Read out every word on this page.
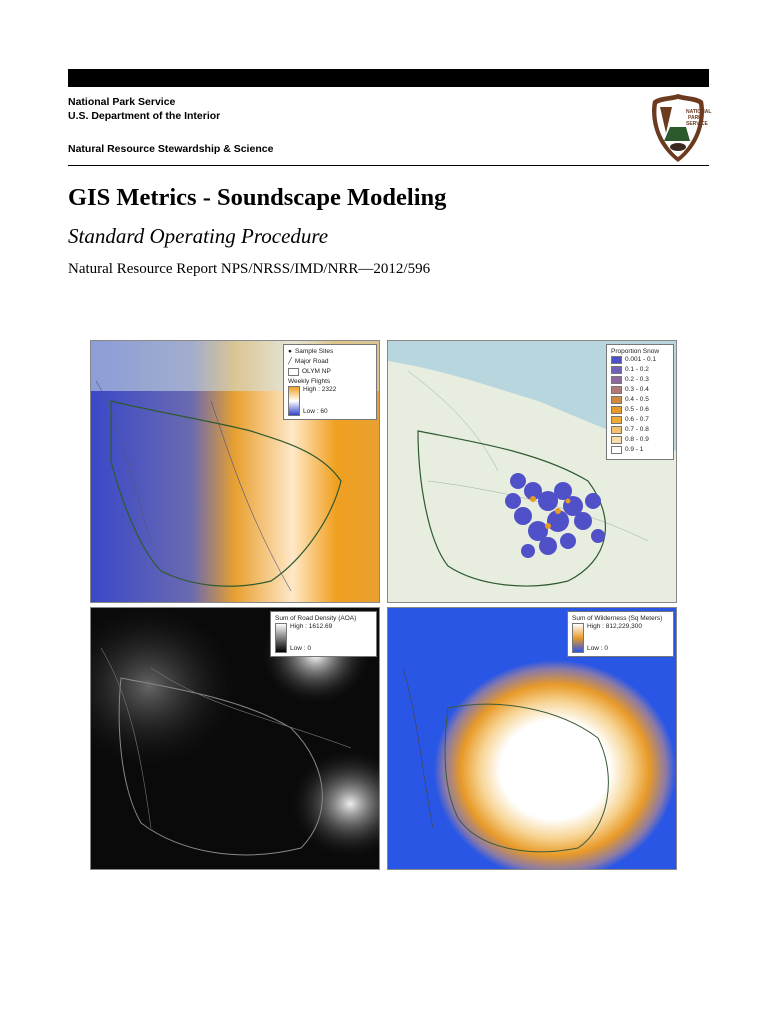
National Park Service
U.S. Department of the Interior
Natural Resource Stewardship & Science
NATIONAL
PARK
SERVICE
GIS Metrics - Soundscape Modeling
Standard Operating Procedure
Natural Resource Report NPS/NRSS/IMD/NRR—2012/596
● Sample Sites
╱ Major Road
OLYM NP
Weekly Flights
High : 2322
Low : 60
Proportion Snow
0.001 - 0.1
0.1 - 0.2
0.2 - 0.3
0.3 - 0.4
0.4 - 0.5
0.5 - 0.6
0.6 - 0.7
0.7 - 0.8
0.8 - 0.9
0.9 - 1
Sum of Road Density (AOA)
High : 1612.69
Low : 0
Sum of Wilderness (Sq Meters)
High : 812,229,300
Low : 0
